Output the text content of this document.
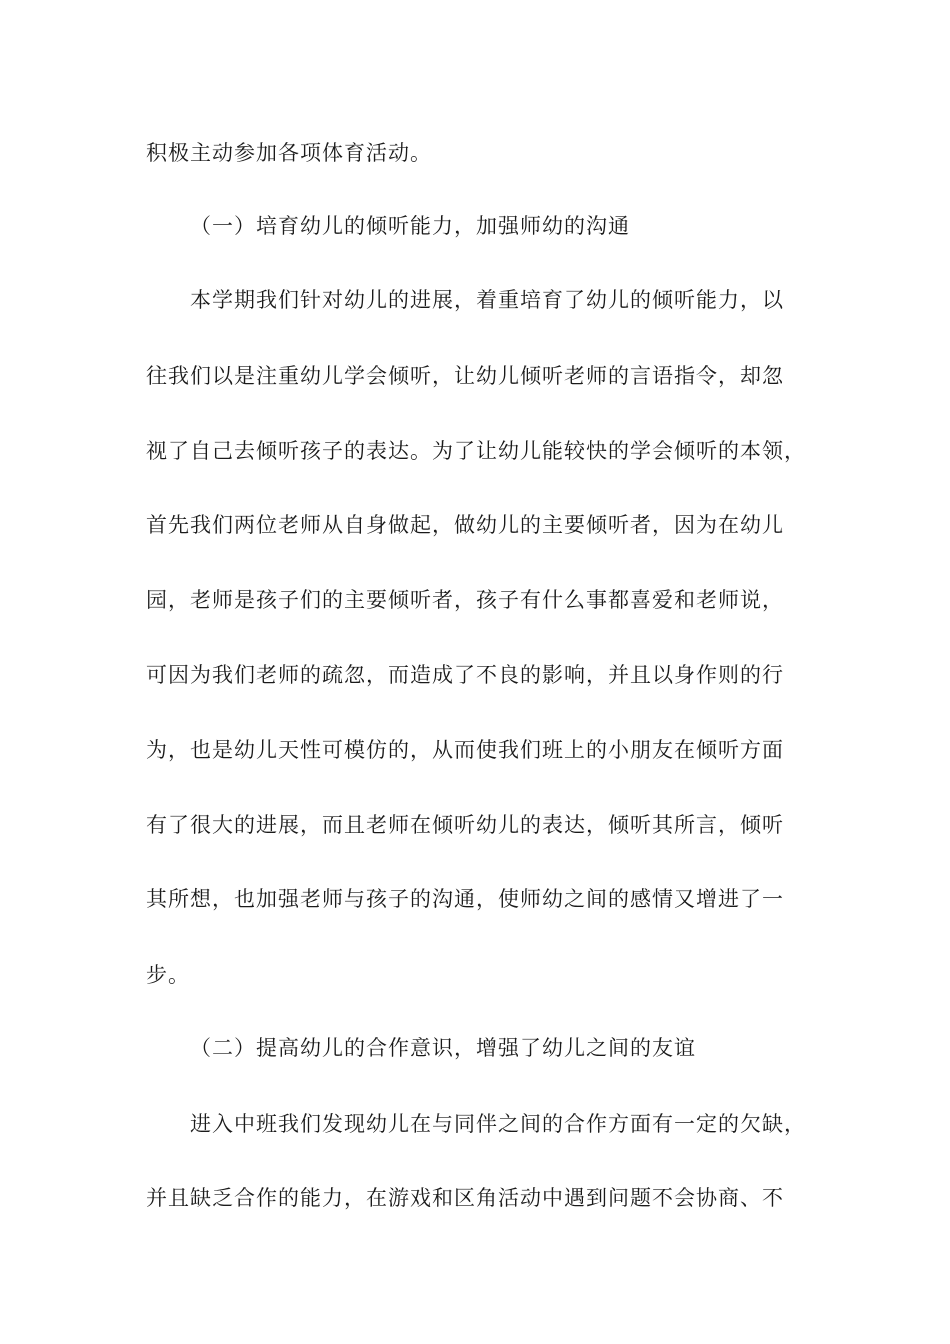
积极主动参加各项体育活动。
（一）培育幼儿的倾听能力，加强师幼的沟通
本学期我们针对幼儿的进展，着重培育了幼儿的倾听能力，以
往我们以是注重幼儿学会倾听，让幼儿倾听老师的言语指令，却忽
视了自己去倾听孩子的表达。为了让幼儿能较快的学会倾听的本领，
首先我们两位老师从自身做起，做幼儿的主要倾听者，因为在幼儿
园，老师是孩子们的主要倾听者，孩子有什么事都喜爱和老师说，
可因为我们老师的疏忽，而造成了不良的影响，并且以身作则的行
为，也是幼儿天性可模仿的，从而使我们班上的小朋友在倾听方面
有了很大的进展，而且老师在倾听幼儿的表达，倾听其所言，倾听
其所想，也加强老师与孩子的沟通，使师幼之间的感情又增进了一
步。
（二）提高幼儿的合作意识，增强了幼儿之间的友谊
进入中班我们发现幼儿在与同伴之间的合作方面有一定的欠缺，
并且缺乏合作的能力，在游戏和区角活动中遇到问题不会协商、不
